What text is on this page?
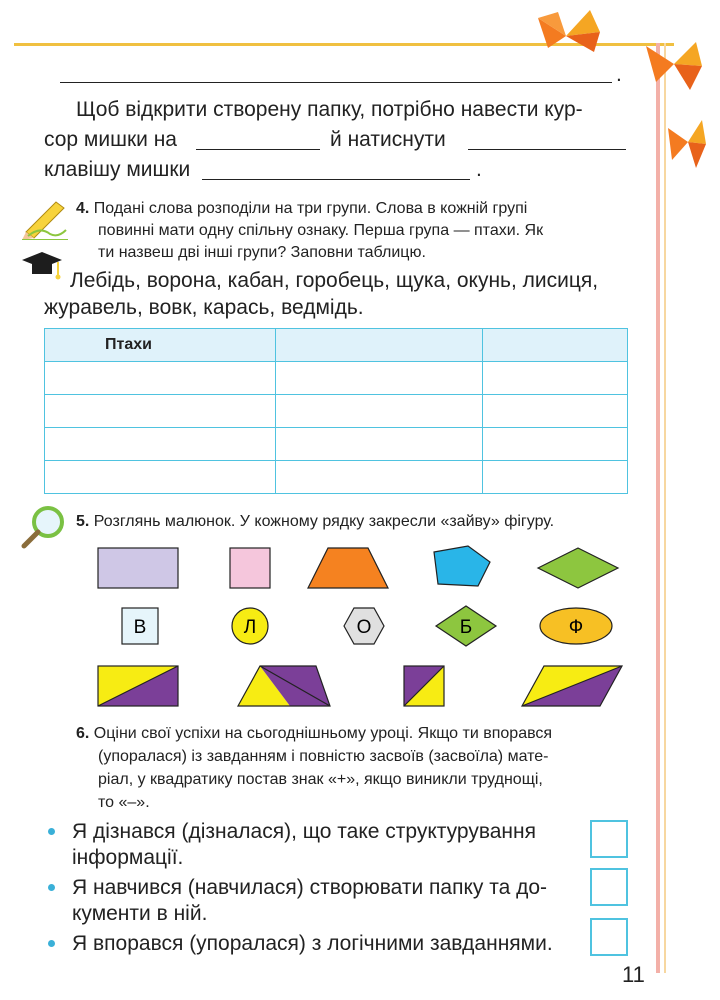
.
Щоб відкрити створену папку, потрібно навести кур-
сор мишки на	й натиснути
клавішу мишки	.
4. Подані слова розподіли на три групи. Слова в кожній групі
повинні мати одну спільну ознаку. Перша група — птахи. Як
ти назвеш дві інші групи? Заповни таблицю.
Лебідь, ворона, кабан, горобець, щука, окунь, лисиця,
журавель, вовк, карась, ведмідь.
Птахи		

5. Розглянь малюнок. У кожному рядку закресли «зайву» фігуру.
В	Л	О	Б	Ф
6. Оціни свої успіхи на сьогоднішньому уроці. Якщо ти впорався
(упоралася) із завданням і повністю засвоїв (засвоїла) мате-
ріал, у квадратику постав знак «+», якщо виникли труднощі,
то «–».
Я дізнався (дізналася), що таке структурування
інформації.
Я навчився (навчилася) створювати папку та до-
кументи в ній.
Я впорався (упоралася) з логічними завданнями.
11
